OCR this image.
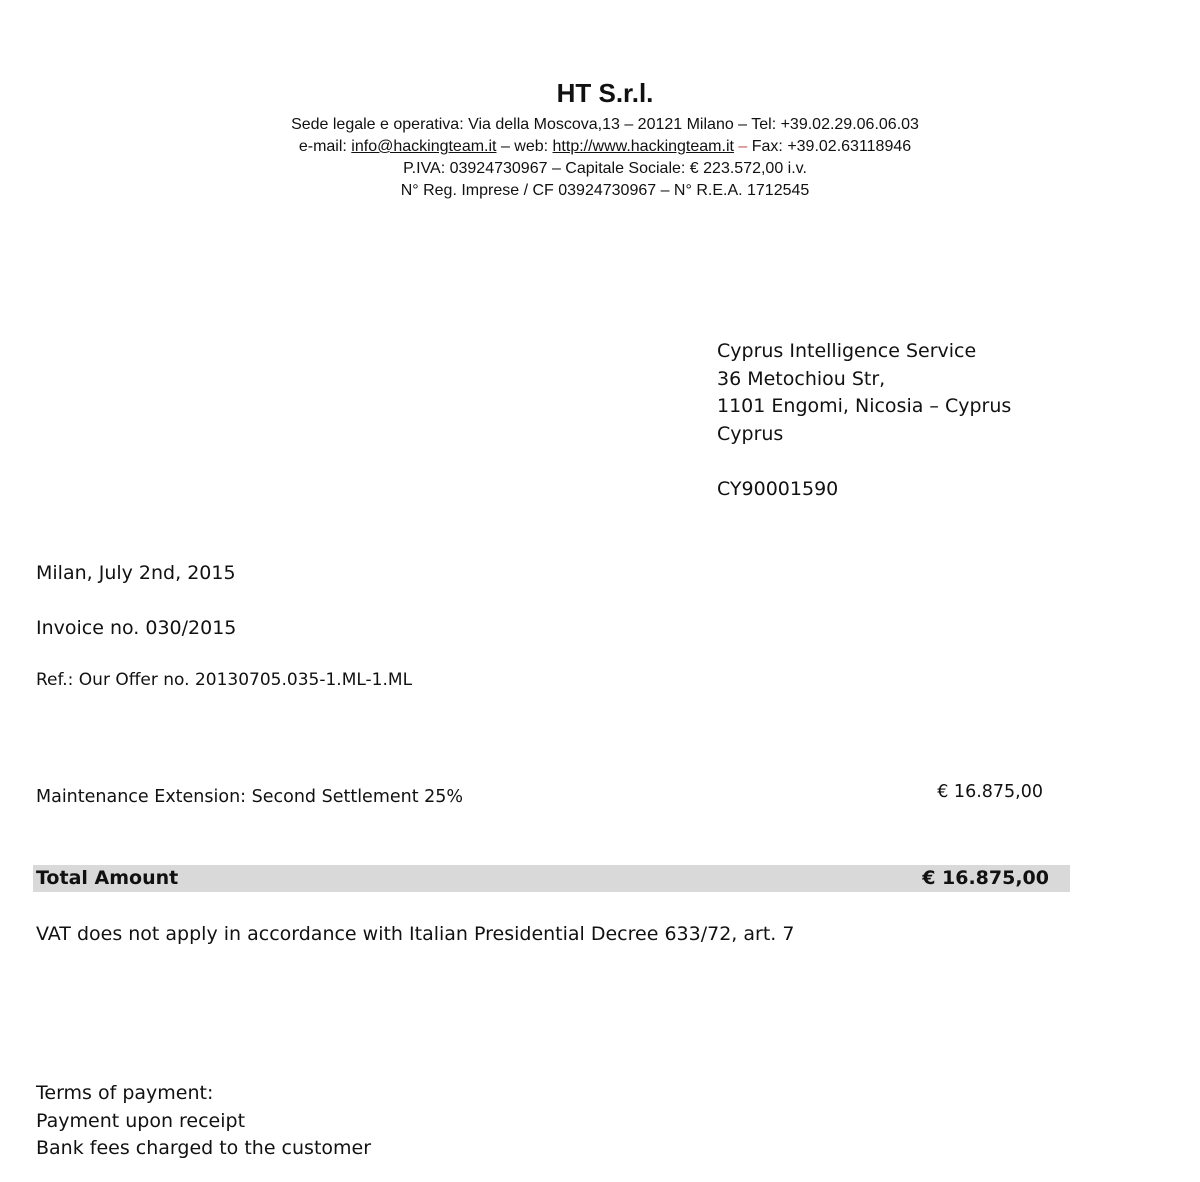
HT S.r.l.
Sede legale e operativa: Via della Moscova,13 – 20121 Milano – Tel: +39.02.29.06.06.03
e-mail: info@hackingteam.it – web: http://www.hackingteam.it – Fax: +39.02.63118946
P.IVA: 03924730967 – Capitale Sociale: € 223.572,00 i.v.
N° Reg. Imprese / CF 03924730967 – N° R.E.A. 1712545
Cyprus Intelligence Service
36 Metochiou Str,
1101 Engomi, Nicosia – Cyprus
Cyprus
CY90001590
Milan, July 2nd, 2015
Invoice no. 030/2015
Ref.: Our Offer no. 20130705.035-1.ML-1.ML
Maintenance Extension: Second Settlement 25%	€ 16.875,00
Total Amount	€ 16.875,00
VAT does not apply in accordance with Italian Presidential Decree 633/72, art. 7
Terms of payment:
Payment upon receipt
Bank fees charged to the customer
